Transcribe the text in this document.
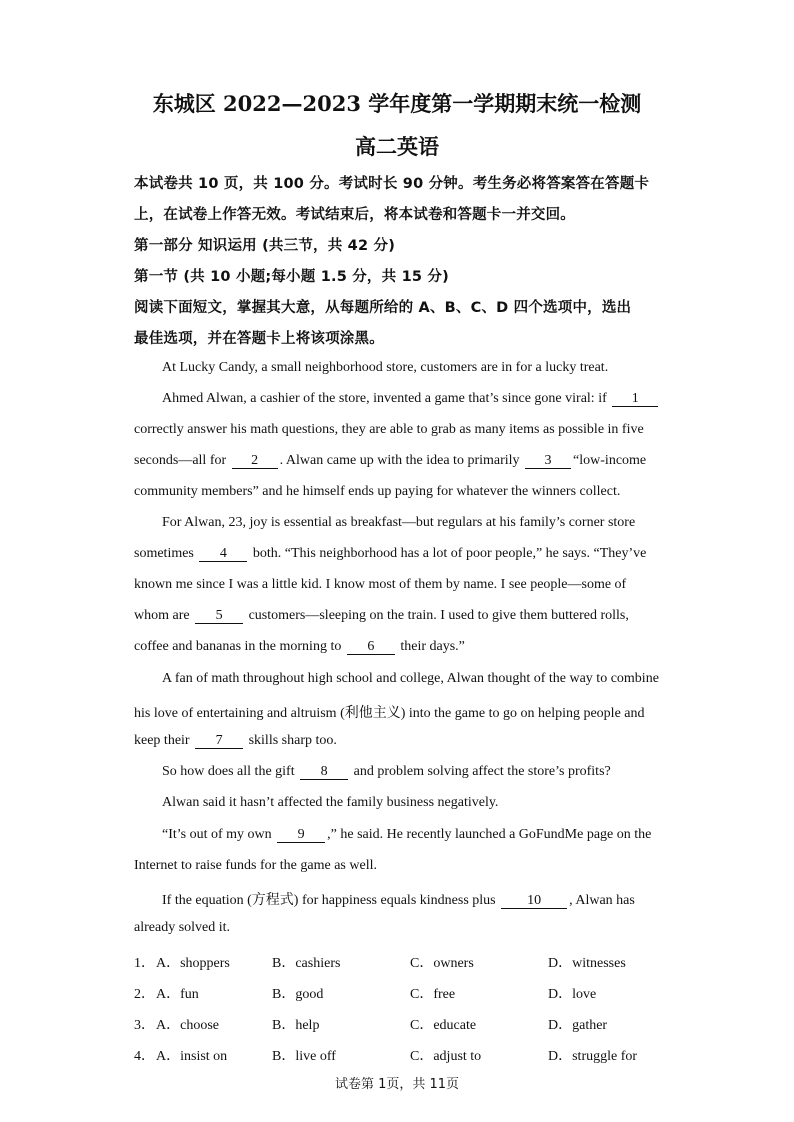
东城区 2022—2023 学年度第一学期期末统一检测
高二英语
本试卷共 10 页，共 100 分。考试时长 90 分钟。考生务必将答案答在答题卡
上，在试卷上作答无效。考试结束后，将本试卷和答题卡一并交回。
第一部分 知识运用 (共三节，共 42 分)
第一节 (共 10 小题;每小题 1.5 分，共 15 分)
阅读下面短文，掌握其大意，从每题所给的 A、B、C、D 四个选项中，选出
最佳选项，并在答题卡上将该项涂黑。
At Lucky Candy, a small neighborhood store, customers are in for a lucky treat.
Ahmed Alwan, a cashier of the store, invented a game that’s since gone viral: if 1
correctly answer his math questions, they are able to grab as many items as possible in five
seconds—all for 2 . Alwan came up with the idea to primarily 3 “low-income
community members” and he himself ends up paying for whatever the winners collect.
For Alwan, 23, joy is essential as breakfast—but regulars at his family’s corner store
sometimes 4 both. “This neighborhood has a lot of poor people,” he says. “They’ve
known me since I was a little kid. I know most of them by name. I see people—some of
whom are 5 customers—sleeping on the train. I used to give them buttered rolls,
coffee and bananas in the morning to 6 their days.”
A fan of math throughout high school and college, Alwan thought of the way to combine
his love of entertaining and altruism (利他主义) into the game to go on helping people and
keep their 7 skills sharp too.
So how does all the gift 8 and problem solving affect the store’s profits?
Alwan said it hasn’t affected the family business negatively.
“It’s out of my own 9 ,” he said. He recently launched a GoFundMe page on the
Internet to raise funds for the game as well.
If the equation (方程式) for happiness equals kindness plus 10 , Alwan has
already solved it.
1． A．shoppers	B．cashiers	C．owners	D．witnesses
2． A．fun	B．good	C．free	D．love
3． A．choose	B．help	C．educate	D．gather
4． A．insist on	B．live off	C．adjust to	D．struggle for
试卷第 1页，共 11页
